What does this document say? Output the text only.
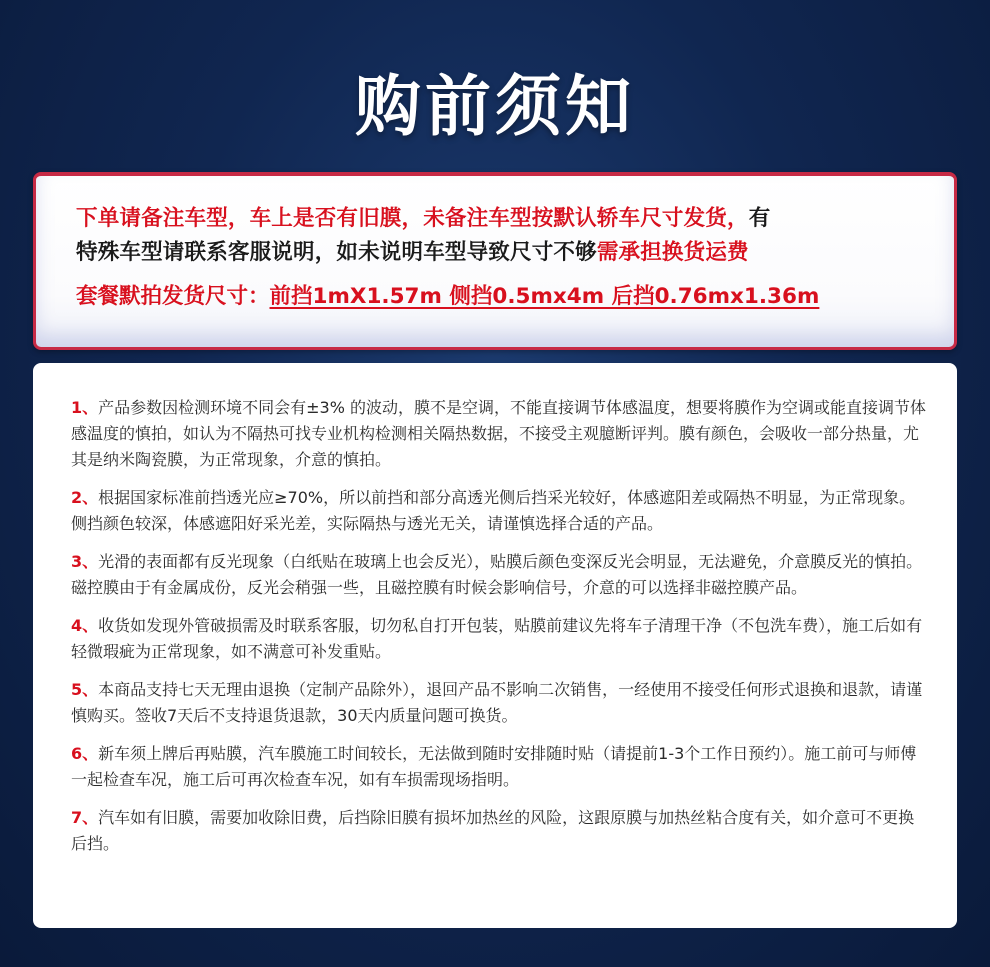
购前须知
下单请备注车型，车上是否有旧膜，未备注车型按默认轿车尺寸发货，有
特殊车型请联系客服说明，如未说明车型导致尺寸不够需承担换货运费
套餐默拍发货尺寸：前挡1mX1.57m 侧挡0.5mx4m 后挡0.76mx1.36m
1、产品参数因检测环境不同会有±3% 的波动，膜不是空调，不能直接调节体感温度，想要将膜作为空调或能直接调节体感温度的慎拍，如认为不隔热可找专业机构检测相关隔热数据，不接受主观臆断评判。膜有颜色，会吸收一部分热量，尤其是纳米陶瓷膜，为正常现象，介意的慎拍。
2、根据国家标准前挡透光应≥70%，所以前挡和部分高透光侧后挡采光较好，体感遮阳差或隔热不明显，为正常现象。侧挡颜色较深，体感遮阳好采光差，实际隔热与透光无关，请谨慎选择合适的产品。
3、光滑的表面都有反光现象（白纸贴在玻璃上也会反光），贴膜后颜色变深反光会明显，无法避免，介意膜反光的慎拍。磁控膜由于有金属成份，反光会稍强一些，且磁控膜有时候会影响信号，介意的可以选择非磁控膜产品。
4、收货如发现外管破损需及时联系客服，切勿私自打开包装，贴膜前建议先将车子清理干净（不包洗车费），施工后如有轻微瑕疵为正常现象，如不满意可补发重贴。
5、本商品支持七天无理由退换（定制产品除外），退回产品不影响二次销售，一经使用不接受任何形式退换和退款，请谨慎购买。签收7天后不支持退货退款，30天内质量问题可换货。
6、新车须上牌后再贴膜，汽车膜施工时间较长，无法做到随时安排随时贴（请提前1-3个工作日预约）。施工前可与师傅一起检查车况，施工后可再次检查车况，如有车损需现场指明。
7、汽车如有旧膜，需要加收除旧费，后挡除旧膜有损坏加热丝的风险，这跟原膜与加热丝粘合度有关，如介意可不更换后挡。
